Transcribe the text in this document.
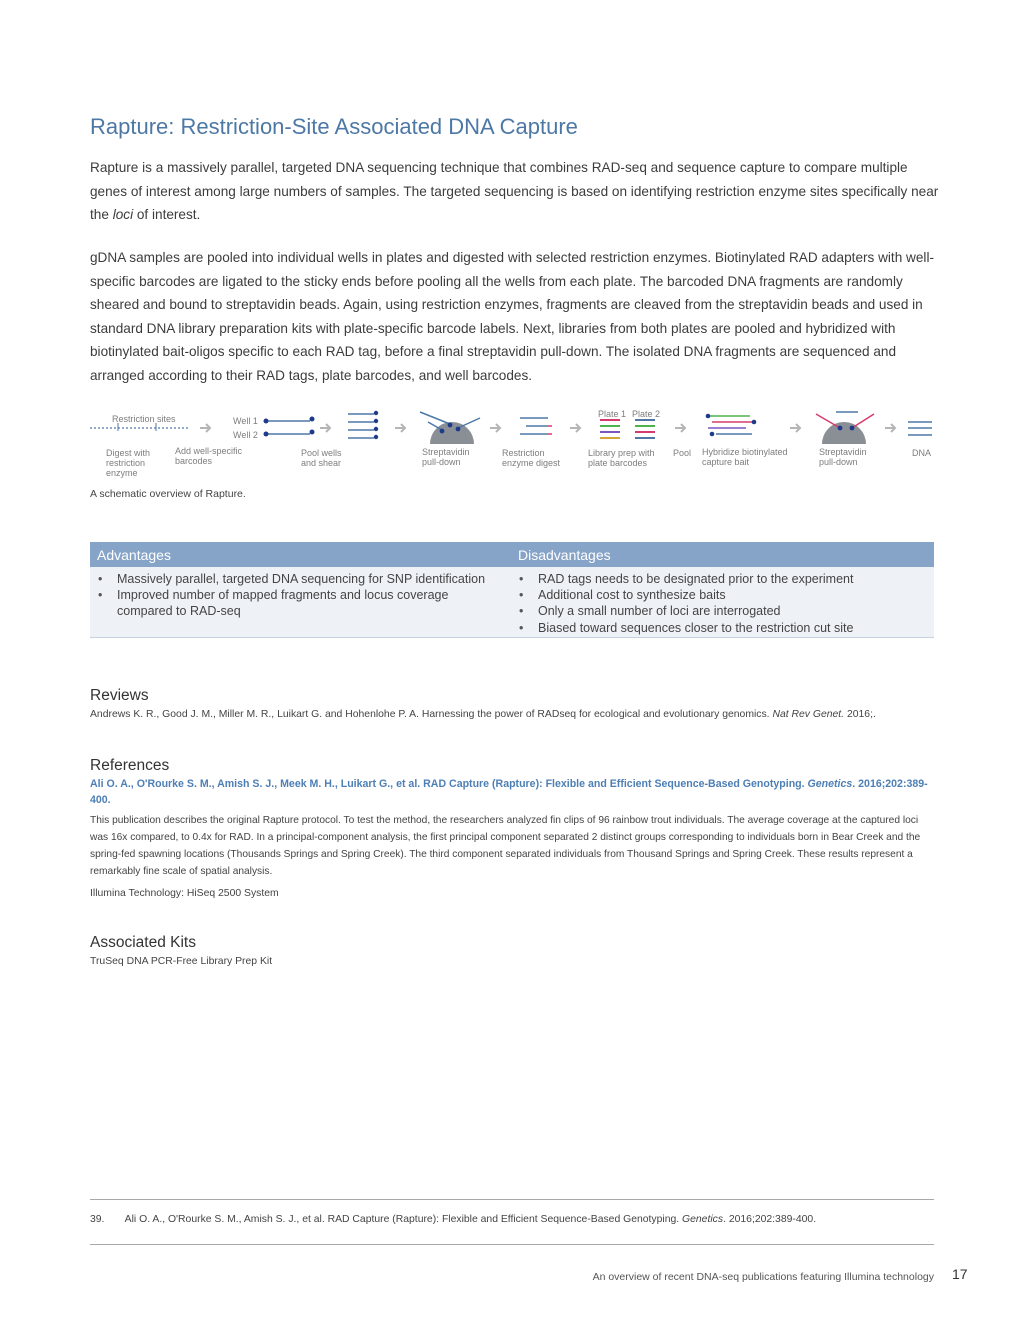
Rapture: Restriction-Site Associated DNA Capture

Rapture is a massively parallel, targeted DNA sequencing technique that combines RAD-seq and sequence capture to compare multiple genes of interest among large numbers of samples. The targeted sequencing is based on identifying restriction enzyme sites specifically near the loci of interest.

gDNA samples are pooled into individual wells in plates and digested with selected restriction enzymes. Biotinylated RAD adapters with well-specific barcodes are ligated to the sticky ends before pooling all the wells from each plate. The barcoded DNA fragments are randomly sheared and bound to streptavidin beads. Again, using restriction enzymes, fragments are cleaved from the streptavidin beads and used in standard DNA library preparation kits with plate-specific barcode labels. Next, libraries from both plates are pooled and hybridized with biotinylated bait-oligos specific to each RAD tag, before a final streptavidin pull-down. The isolated DNA fragments are sequenced and arranged according to their RAD tags, plate barcodes, and well barcodes.

Restriction sites	Well 1
Well 2
Plate 1 Plate 2
Digest with restriction enzyme
Add well-specific barcodes
Pool wells and shear
Streptavidin pull-down
Restriction enzyme digest
Library prep with plate barcodes
Pool Hybridize biotinylated capture bait
Streptavidin pull-down
DNA
A schematic overview of Rapture.
Advantages	Disadvantages
• Massively parallel, targeted DNA sequencing for SNP identification
• Improved number of mapped fragments and locus coverage compared to RAD-seq
• RAD tags needs to be designated prior to the experiment
• Additional cost to synthesize baits
• Only a small number of loci are interrogated
• Biased toward sequences closer to the restriction cut site
Reviews

Andrews K. R., Good J. M., Miller M. R., Luikart G. and Hohenlohe P. A. Harnessing the power of RADseq for ecological and evolutionary genomics. Nat Rev Genet. 2016;.

References

Ali O. A., O'Rourke S. M., Amish S. J., Meek M. H., Luikart G., et al. RAD Capture (Rapture): Flexible and Efficient Sequence-Based Genotyping. Genetics. 2016;202:389-400.

This publication describes the original Rapture protocol. To test the method, the researchers analyzed fin clips of 96 rainbow trout individuals. The average coverage at the captured loci was 16x compared, to 0.4x for RAD. In a principal-component analysis, the first principal component separated 2 distinct groups corresponding to individuals born in Bear Creek and the spring-fed spawning locations (Thousands Springs and Spring Creek). The third component separated individuals from Thousand Springs and Spring Creek. These results represent a remarkably fine scale of spatial analysis.

Illumina Technology: HiSeq 2500 System

Associated Kits

TruSeq DNA PCR-Free Library Prep Kit

39. Ali O. A., O'Rourke S. M., Amish S. J., et al. RAD Capture (Rapture): Flexible and Efficient Sequence-Based Genotyping. Genetics. 2016;202:389-400.
An overview of recent DNA-seq publications featuring Illumina technology 17
